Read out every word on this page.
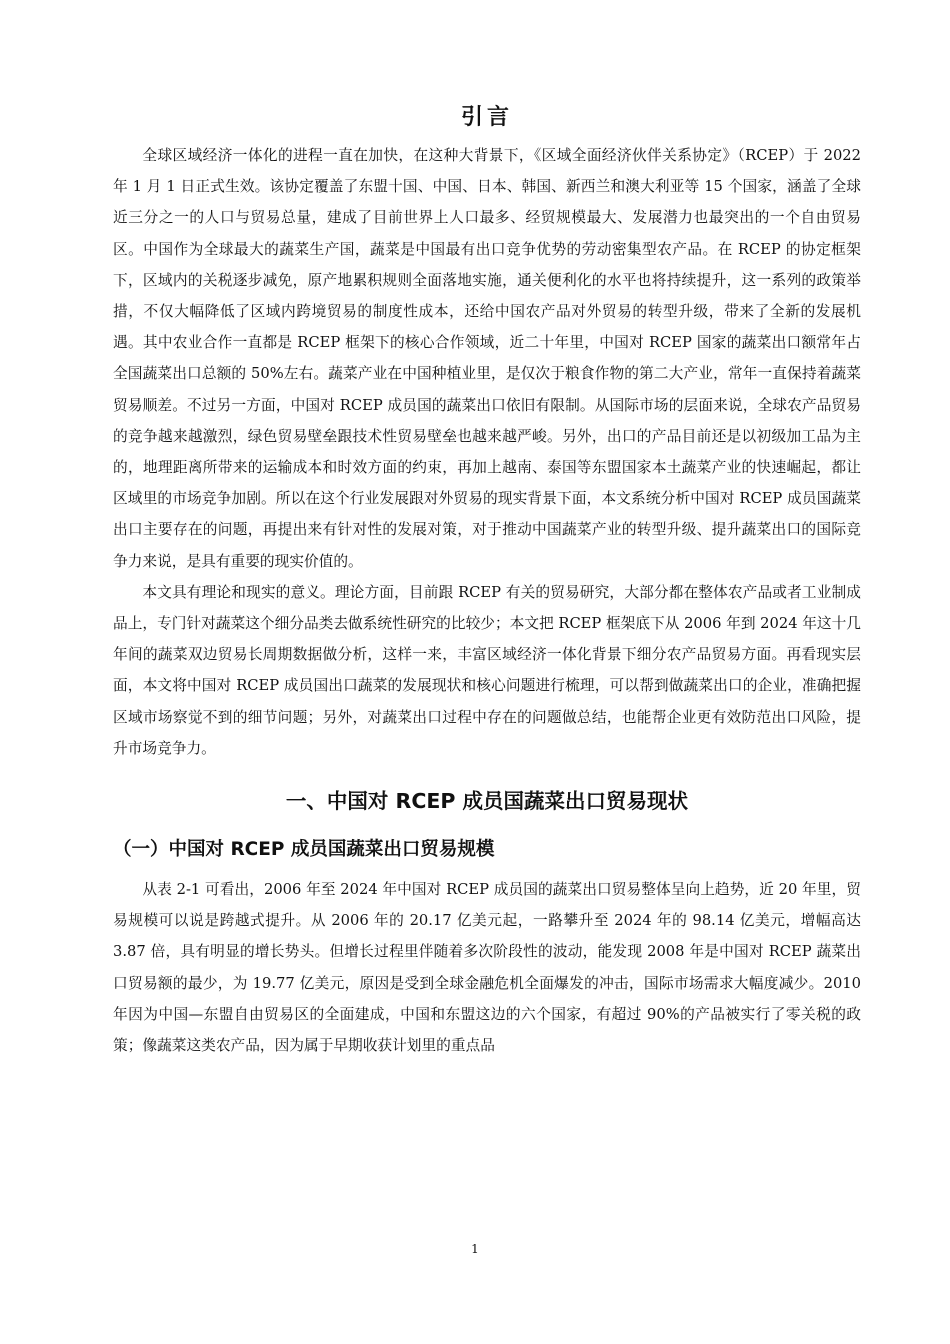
引言

全球区域经济一体化的进程一直在加快，在这种大背景下，《区域全面经济伙伴关系协定》（RCEP）于 2022 年 1 月 1 日正式生效。该协定覆盖了东盟十国、中国、日本、韩国、新西兰和澳大利亚等 15 个国家，涵盖了全球近三分之一的人口与贸易总量，建成了目前世界上人口最多、经贸规模最大、发展潜力也最突出的一个自由贸易区。中国作为全球最大的蔬菜生产国，蔬菜是中国最有出口竞争优势的劳动密集型农产品。在 RCEP 的协定框架下，区域内的关税逐步减免，原产地累积规则全面落地实施，通关便利化的水平也将持续提升，这一系列的政策举措，不仅大幅降低了区域内跨境贸易的制度性成本，还给中国农产品对外贸易的转型升级，带来了全新的发展机遇。其中农业合作一直都是 RCEP 框架下的核心合作领域，近二十年里，中国对 RCEP 国家的蔬菜出口额常年占全国蔬菜出口总额的 50%左右。蔬菜产业在中国种植业里，是仅次于粮食作物的第二大产业，常年一直保持着蔬菜贸易顺差。不过另一方面，中国对 RCEP 成员国的蔬菜出口依旧有限制。从国际市场的层面来说，全球农产品贸易的竞争越来越激烈，绿色贸易壁垒跟技术性贸易壁垒也越来越严峻。另外，出口的产品目前还是以初级加工品为主的，地理距离所带来的运输成本和时效方面的约束，再加上越南、泰国等东盟国家本土蔬菜产业的快速崛起，都让区域里的市场竞争加剧。所以在这个行业发展跟对外贸易的现实背景下面，本文系统分析中国对 RCEP 成员国蔬菜出口主要存在的问题，再提出来有针对性的发展对策，对于推动中国蔬菜产业的转型升级、提升蔬菜出口的国际竞争力来说，是具有重要的现实价值的。

本文具有理论和现实的意义。理论方面，目前跟 RCEP 有关的贸易研究，大部分都在整体农产品或者工业制成品上，专门针对蔬菜这个细分品类去做系统性研究的比较少；本文把 RCEP 框架底下从 2006 年到 2024 年这十几年间的蔬菜双边贸易长周期数据做分析，这样一来，丰富区域经济一体化背景下细分农产品贸易方面。再看现实层面，本文将中国对 RCEP 成员国出口蔬菜的发展现状和核心问题进行梳理，可以帮到做蔬菜出口的企业，准确把握区域市场察觉不到的细节问题；另外，对蔬菜出口过程中存在的问题做总结，也能帮企业更有效防范出口风险，提升市场竞争力。

一、中国对 RCEP 成员国蔬菜出口贸易现状
（一）中国对 RCEP 成员国蔬菜出口贸易规模

从表 2-1 可看出，2006 年至 2024 年中国对 RCEP 成员国的蔬菜出口贸易整体呈向上趋势，近 20 年里，贸易规模可以说是跨越式提升。从 2006 年的 20.17 亿美元起，一路攀升至 2024 年的 98.14 亿美元，增幅高达 3.87 倍，具有明显的增长势头。但增长过程里伴随着多次阶段性的波动，能发现 2008 年是中国对 RCEP 蔬菜出口贸易额的最少，为 19.77 亿美元，原因是受到全球金融危机全面爆发的冲击，国际市场需求大幅度减少。2010 年因为中国—东盟自由贸易区的全面建成，中国和东盟这边的六个国家，有超过 90%的产品被实行了零关税的政策；像蔬菜这类农产品，因为属于早期收获计划里的重点品

1
